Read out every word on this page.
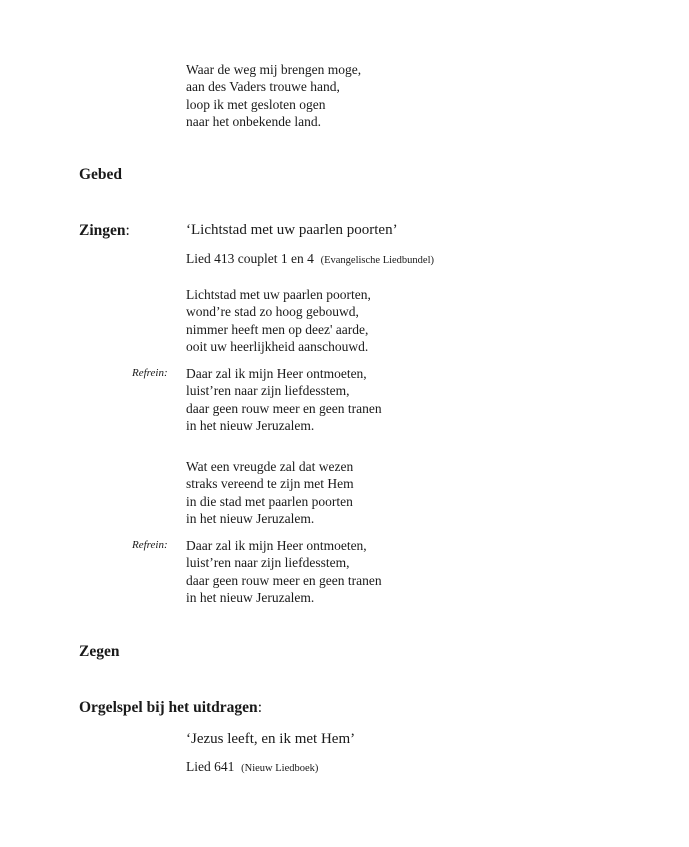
Waar de weg mij brengen moge,
aan des Vaders trouwe hand,
loop ik met gesloten ogen
naar het onbekende land.
Gebed
Zingen:	‘Lichtstad met uw paarlen poorten’
Lied 413 couplet 1 en 4 (Evangelische Liedbundel)
Lichtstad met uw paarlen poorten,
wond’re stad zo hoog gebouwd,
nimmer heeft men op deez' aarde,
ooit uw heerlijkheid aanschouwd.
Refrein: Daar zal ik mijn Heer ontmoeten,
luist’ren naar zijn liefdesstem,
daar geen rouw meer en geen tranen
in het nieuw Jeruzalem.
Wat een vreugde zal dat wezen
straks vereend te zijn met Hem
in die stad met paarlen poorten
in het nieuw Jeruzalem.
Refrein: Daar zal ik mijn Heer ontmoeten,
luist’ren naar zijn liefdesstem,
daar geen rouw meer en geen tranen
in het nieuw Jeruzalem.
Zegen
Orgelspel bij het uitdragen:
‘Jezus leeft, en ik met Hem’
Lied 641 (Nieuw Liedboek)
